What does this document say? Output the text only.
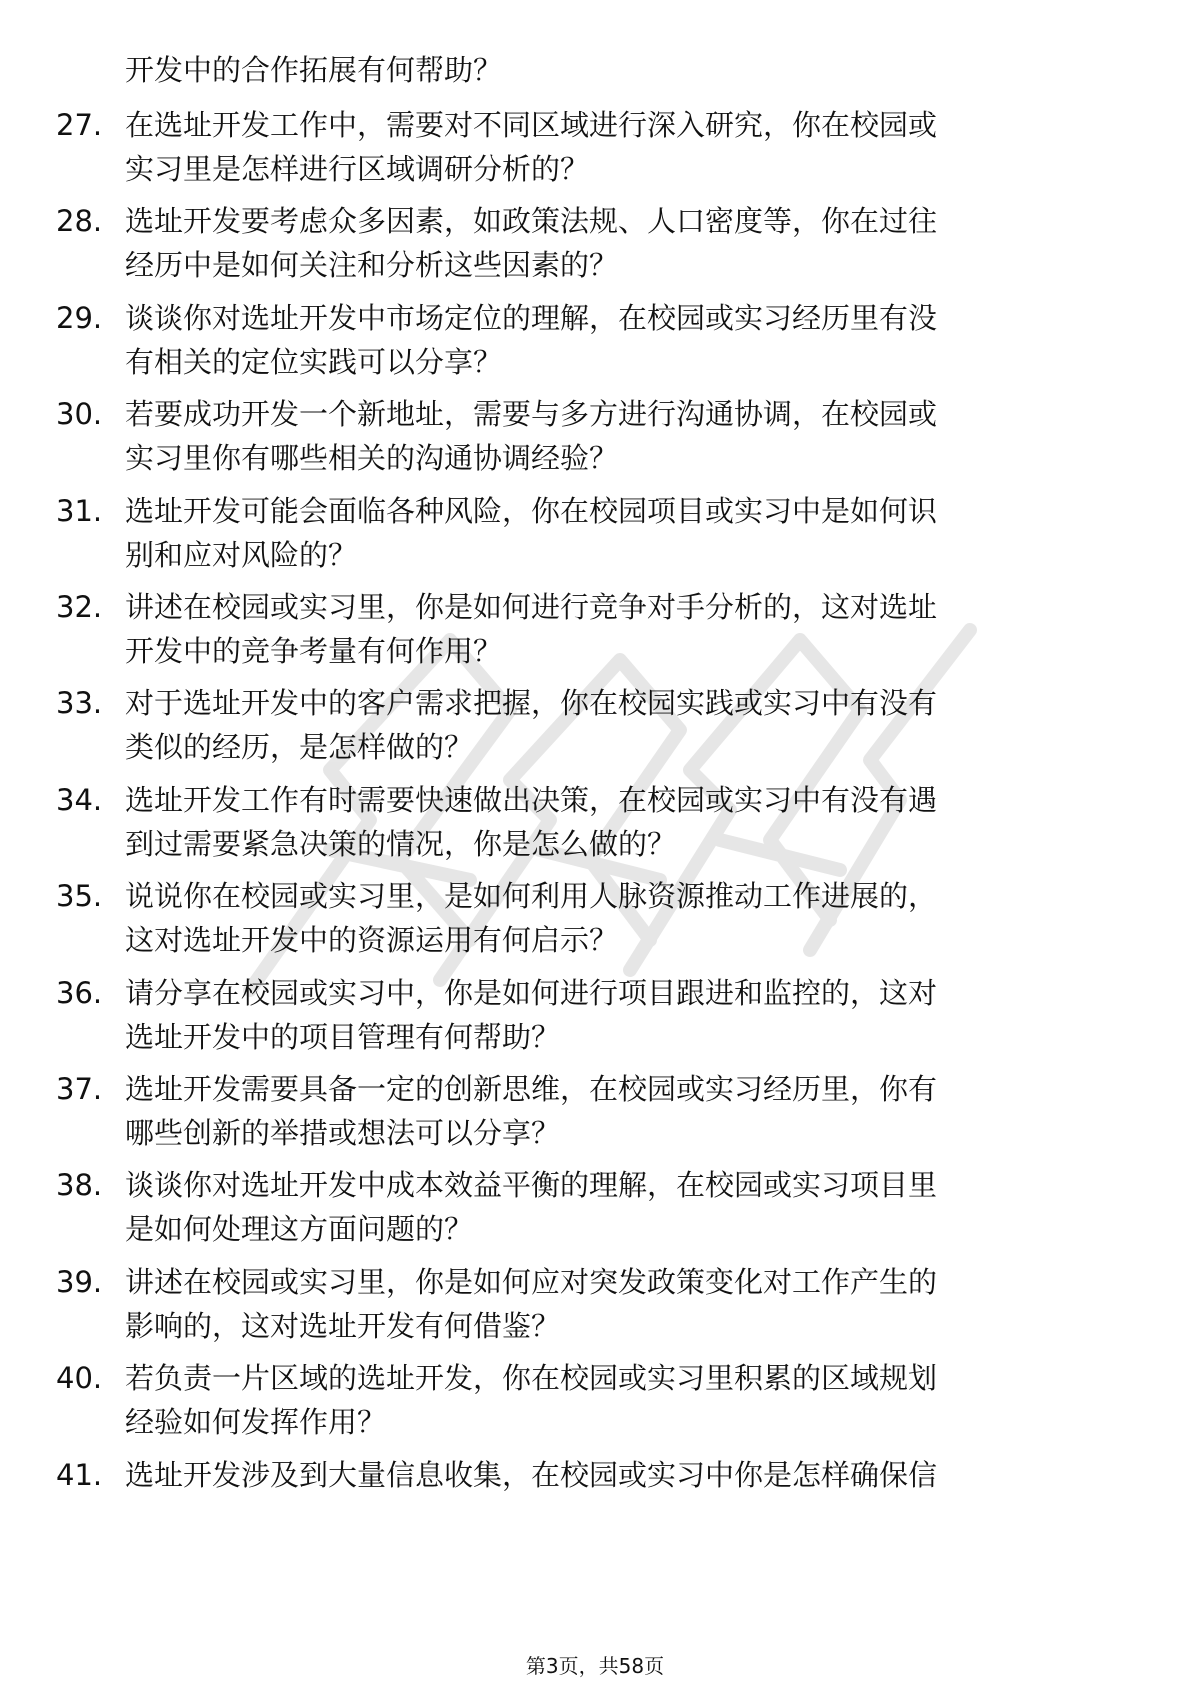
开发中的合作拓展有何帮助？
27. 在选址开发工作中，需要对不同区域进行深入研究，你在校园或
实习里是怎样进行区域调研分析的？
28. 选址开发要考虑众多因素，如政策法规、人口密度等，你在过往
经历中是如何关注和分析这些因素的？
29. 谈谈你对选址开发中市场定位的理解，在校园或实习经历里有没
有相关的定位实践可以分享？
30. 若要成功开发一个新地址，需要与多方进行沟通协调，在校园或
实习里你有哪些相关的沟通协调经验？
31. 选址开发可能会面临各种风险，你在校园项目或实习中是如何识
别和应对风险的？
32. 讲述在校园或实习里，你是如何进行竞争对手分析的，这对选址
开发中的竞争考量有何作用？
33. 对于选址开发中的客户需求把握，你在校园实践或实习中有没有
类似的经历，是怎样做的？
34. 选址开发工作有时需要快速做出决策，在校园或实习中有没有遇
到过需要紧急决策的情况，你是怎么做的？
35. 说说你在校园或实习里，是如何利用人脉资源推动工作进展的，
这对选址开发中的资源运用有何启示？
36. 请分享在校园或实习中，你是如何进行项目跟进和监控的，这对
选址开发中的项目管理有何帮助？
37. 选址开发需要具备一定的创新思维，在校园或实习经历里，你有
哪些创新的举措或想法可以分享？
38. 谈谈你对选址开发中成本效益平衡的理解，在校园或实习项目里
是如何处理这方面问题的？
39. 讲述在校园或实习里，你是如何应对突发政策变化对工作产生的
影响的，这对选址开发有何借鉴？
40. 若负责一片区域的选址开发，你在校园或实习里积累的区域规划
经验如何发挥作用？
41. 选址开发涉及到大量信息收集，在校园或实习中你是怎样确保信
第3页，共58页
